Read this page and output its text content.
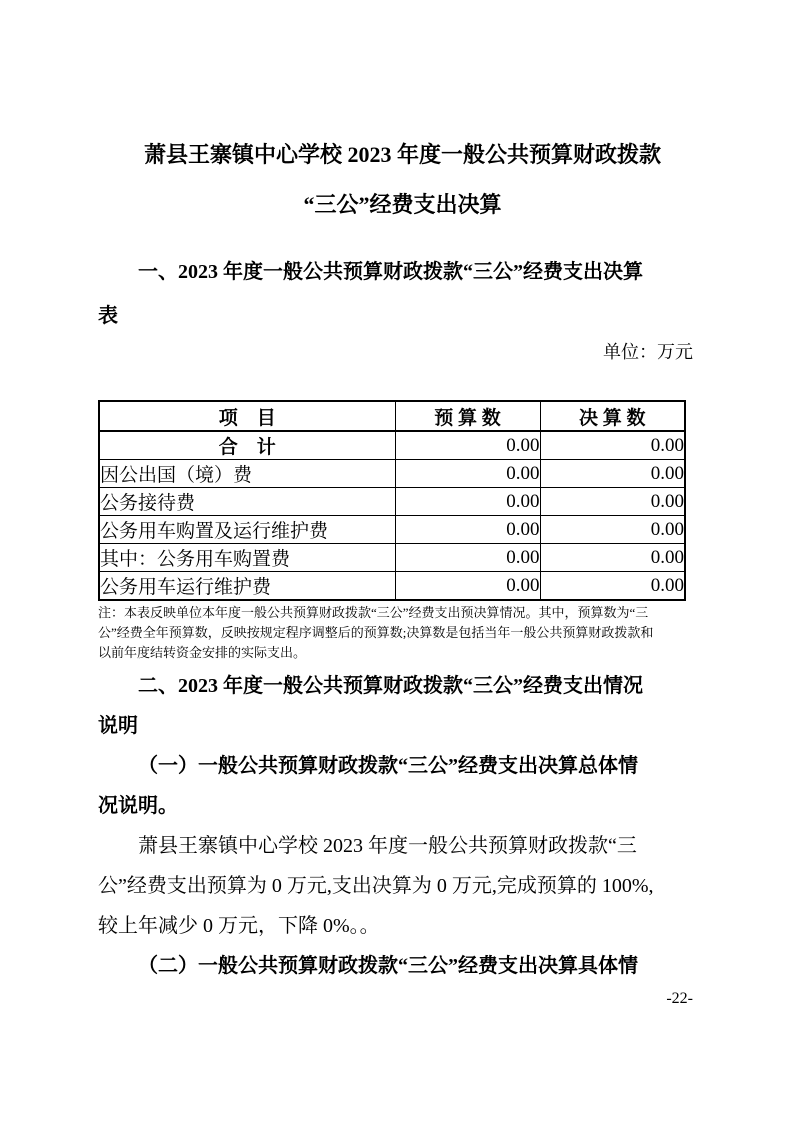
萧县王寨镇中心学校 2023 年度一般公共预算财政拨款
“三公”经费支出决算
一、2023 年度一般公共预算财政拨款“三公”经费支出决算
表
单位：万元
项　目	预 算 数	决 算 数
合　计	0.00	0.00
因公出国（境）费	0.00	0.00
公务接待费	0.00	0.00
公务用车购置及运行维护费	0.00	0.00
其中：公务用车购置费	0.00	0.00
公务用车运行维护费	0.00	0.00
注：本表反映单位本年度一般公共预算财政拨款“三公”经费支出预决算情况。其中，预算数为“三
公”经费全年预算数，反映按规定程序调整后的预算数;决算数是包括当年一般公共预算财政拨款和
以前年度结转资金安排的实际支出。
二、2023 年度一般公共预算财政拨款“三公”经费支出情况
说明
（一）一般公共预算财政拨款“三公”经费支出决算总体情
况说明。
萧县王寨镇中心学校 2023 年度一般公共预算财政拨款“三
公”经费支出预算为 0 万元,支出决算为 0 万元,完成预算的 100%,
较上年减少 0 万元，下降 0%。。
（二）一般公共预算财政拨款“三公”经费支出决算具体情
-22-
